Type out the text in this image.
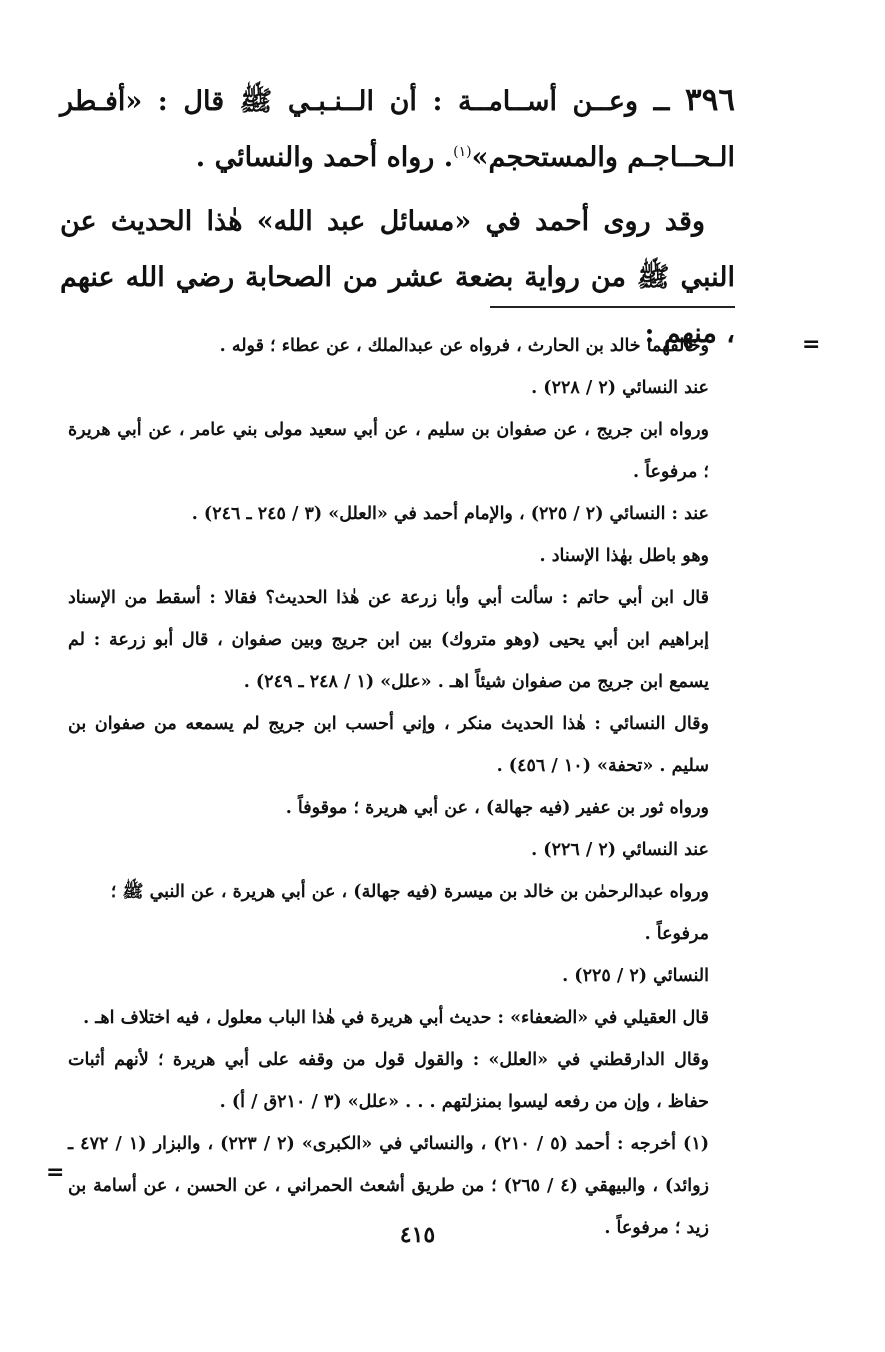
٣٩٦ ــ وعــن أســامــة : أن الــنـبـي ﷺ قال : «أفـطر الـحــاجـم والمستحجم»$^{(١)}$. رواه أحمد والنسائي .

وقد روى أحمد في «مسائل عبد الله» هٰذا الحديث عن النبي ﷺ من رواية بضعة عشر من الصحابة رضي الله عنهم ، منهم :	=

وخالفهما خالد بن الحارث ، فرواه عن عبدالملك ، عن عطاء ؛ قوله .

عند النسائي (٢ / ٢٢٨) .

ورواه ابن جريج ، عن صفوان بن سليم ، عن أبي سعيد مولى بني عامر ، عن أبي هريرة ؛ مرفوعاً .

عند : النسائي (٢ / ٢٢٥) ، والإمام أحمد في «العلل» (٣ / ٢٤٥ ـ ٢٤٦) .

وهو باطل بهٰذا الإسناد .

قال ابن أبي حاتم : سألت أبي وأبا زرعة عن هٰذا الحديث؟ فقالا : أسقط من الإسناد إبراهيم ابن أبي يحيى (وهو متروك) بين ابن جريج وبين صفوان ، قال أبو زرعة : لم يسمع ابن جريج من صفوان شيئاً اهـ . «علل» (١ / ٢٤٨ ـ ٢٤٩) .

وقال النسائي : هٰذا الحديث منكر ، وإني أحسب ابن جريج لم يسمعه من صفوان بن سليم . «تحفة» (١٠ / ٤٥٦) .

ورواه ثور بن عفير (فيه جهالة) ، عن أبي هريرة ؛ موقوفاً .

عند النسائي (٢ / ٢٢٦) .

ورواه عبدالرحمٰن بن خالد بن ميسرة (فيه جهالة) ، عن أبي هريرة ، عن النبي ﷺ ؛ مرفوعاً .

النسائي (٢ / ٢٢٥) .

قال العقيلي في «الضعفاء» : حديث أبي هريرة في هٰذا الباب معلول ، فيه اختلاف اهـ .

وقال الدارقطني في «العلل» : والقول قول من وقفه على أبي هريرة ؛ لأنهم أثبات حفاظ ، وإن من رفعه ليسوا بمنزلتهم . . . «علل» (٣ / ٢١٠ق / أ) .

(١) أخرجه : أحمد (٥ / ٢١٠) ، والنسائي في «الكبرى» (٢ / ٢٢٣) ، والبزار (١ / ٤٧٢ ـ زوائد) ، والبيهقي (٤ / ٢٦٥) ؛ من طريق أشعث الحمراني ، عن الحسن ، عن أسامة بن زيد ؛ مرفوعاً .

=
٤١٥
